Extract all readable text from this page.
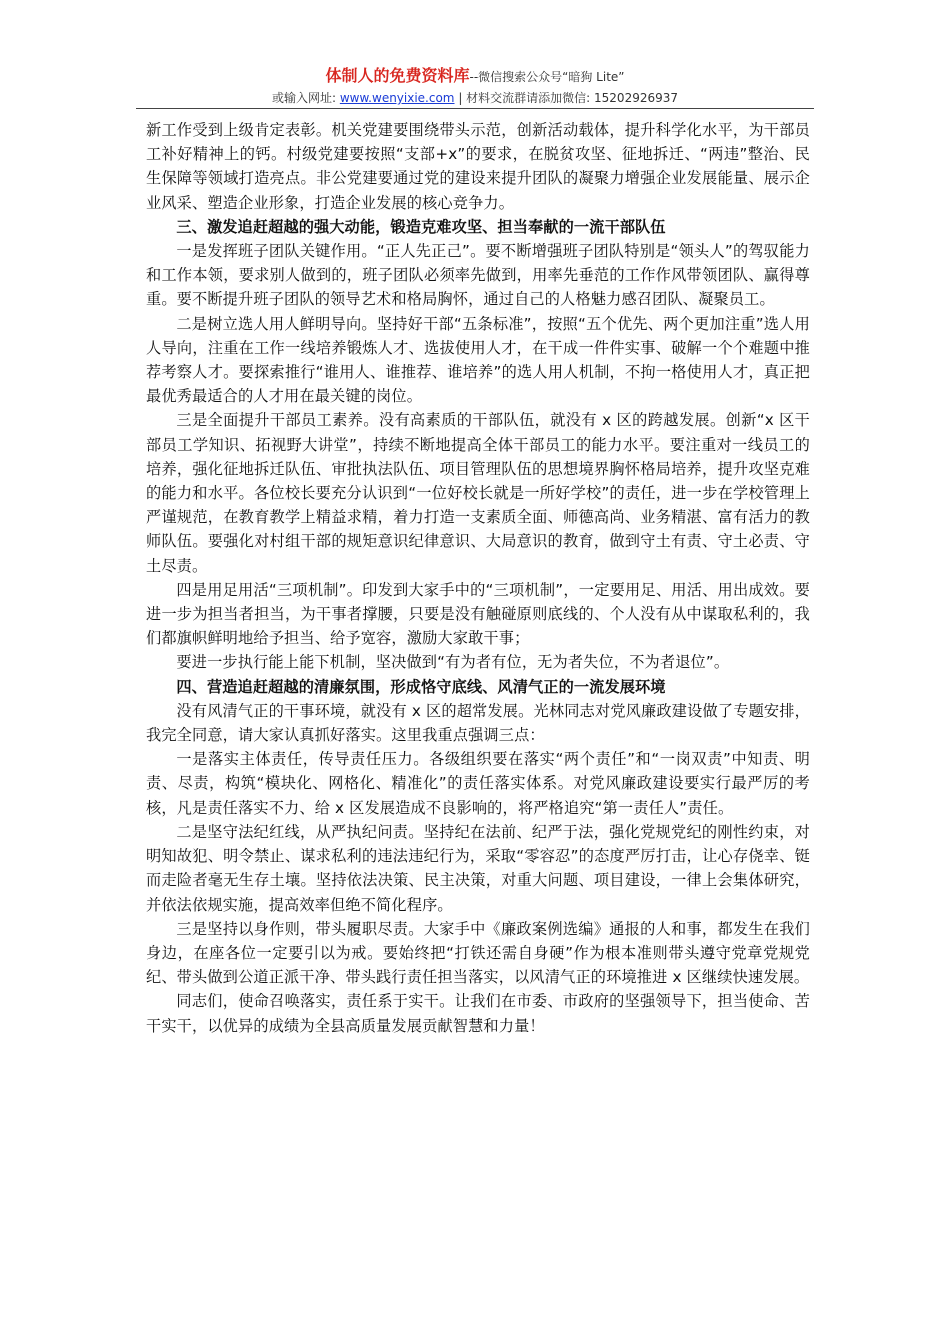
体制人的免费资料库--微信搜索公众号“暗狗 Lite”
或输入网址: www.wenyixie.com | 材料交流群请添加微信: 15202926937

新工作受到上级肯定表彰。机关党建要围绕带头示范，创新活动载体，提升科学化水平，为干部员工补好精神上的钙。村级党建要按照“支部+x”的要求，在脱贫攻坚、征地拆迁、“两违”整治、民生保障等领域打造亮点。非公党建要通过党的建设来提升团队的凝聚力增强企业发展能量、展示企业风采、塑造企业形象，打造企业发展的核心竞争力。

三、激发追赶超越的强大动能，锻造克难攻坚、担当奉献的一流干部队伍

一是发挥班子团队关键作用。“正人先正己”。要不断增强班子团队特别是“领头人”的驾驭能力和工作本领，要求别人做到的，班子团队必须率先做到，用率先垂范的工作作风带领团队、赢得尊重。要不断提升班子团队的领导艺术和格局胸怀，通过自己的人格魅力感召团队、凝聚员工。

二是树立选人用人鲜明导向。坚持好干部“五条标准”，按照“五个优先、两个更加注重”选人用人导向，注重在工作一线培养锻炼人才、选拔使用人才，在干成一件件实事、破解一个个难题中推荐考察人才。要探索推行“谁用人、谁推荐、谁培养”的选人用人机制，不拘一格使用人才，真正把最优秀最适合的人才用在最关键的岗位。

三是全面提升干部员工素养。没有高素质的干部队伍，就没有 x 区的跨越发展。创新“x 区干部员工学知识、拓视野大讲堂”，持续不断地提高全体干部员工的能力水平。要注重对一线员工的培养，强化征地拆迁队伍、审批执法队伍、项目管理队伍的思想境界胸怀格局培养，提升攻坚克难的能力和水平。各位校长要充分认识到“一位好校长就是一所好学校”的责任，进一步在学校管理上严谨规范，在教育教学上精益求精，着力打造一支素质全面、师德高尚、业务精湛、富有活力的教师队伍。要强化对村组干部的规矩意识纪律意识、大局意识的教育，做到守土有责、守土必责、守土尽责。

四是用足用活“三项机制”。印发到大家手中的“三项机制”，一定要用足、用活、用出成效。要进一步为担当者担当，为干事者撑腰，只要是没有触碰原则底线的、个人没有从中谋取私利的，我们都旗帜鲜明地给予担当、给予宽容，激励大家敢干事；

要进一步执行能上能下机制，坚决做到“有为者有位，无为者失位，不为者退位”。

四、营造追赶超越的清廉氛围，形成恪守底线、风清气正的一流发展环境

没有风清气正的干事环境，就没有 x 区的超常发展。光林同志对党风廉政建设做了专题安排，我完全同意，请大家认真抓好落实。这里我重点强调三点：

一是落实主体责任，传导责任压力。各级组织要在落实“两个责任”和“一岗双责”中知责、明责、尽责，构筑“模块化、网格化、精准化”的责任落实体系。对党风廉政建设要实行最严厉的考核，凡是责任落实不力、给 x 区发展造成不良影响的，将严格追究“第一责任人”责任。

二是坚守法纪红线，从严执纪问责。坚持纪在法前、纪严于法，强化党规党纪的刚性约束，对明知故犯、明令禁止、谋求私利的违法违纪行为，采取“零容忍”的态度严厉打击，让心存侥幸、铤而走险者毫无生存土壤。坚持依法决策、民主决策，对重大问题、项目建设，一律上会集体研究，并依法依规实施，提高效率但绝不简化程序。

三是坚持以身作则，带头履职尽责。大家手中《廉政案例选编》通报的人和事，都发生在我们身边，在座各位一定要引以为戒。要始终把“打铁还需自身硬”作为根本准则带头遵守党章党规党纪、带头做到公道正派干净、带头践行责任担当落实，以风清气正的环境推进 x 区继续快速发展。

同志们，使命召唤落实，责任系于实干。让我们在市委、市政府的坚强领导下，担当使命、苦干实干，以优异的成绩为全县高质量发展贡献智慧和力量！
